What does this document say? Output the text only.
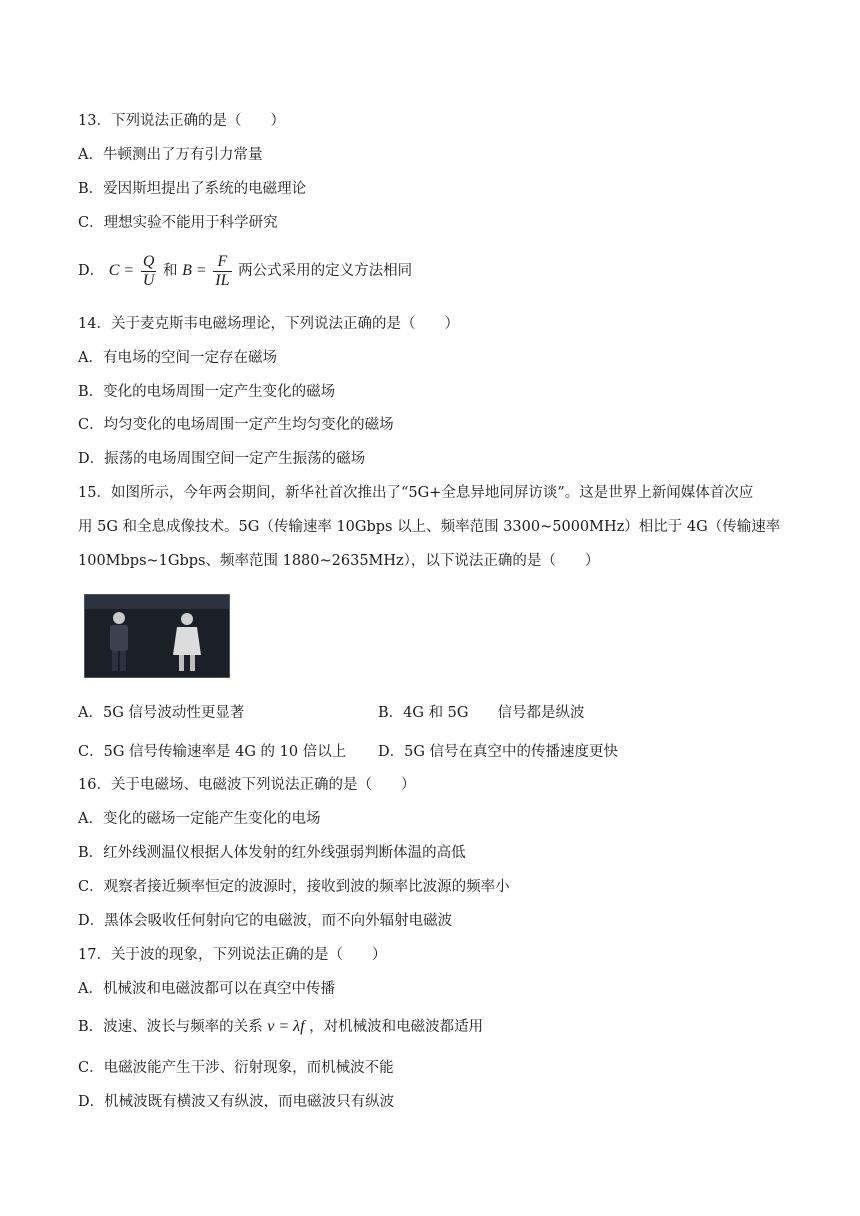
13．下列说法正确的是（　　）
A．牛顿测出了万有引力常量
B．爱因斯坦提出了系统的电磁理论
C．理想实验不能用于科学研究
D． $C = \frac{Q}{U}$ 和 $B = \frac{F}{IL}$ 两公式采用的定义方法相同
14．关于麦克斯韦电磁场理论，下列说法正确的是（　　）
A．有电场的空间一定存在磁场
B．变化的电场周围一定产生变化的磁场
C．均匀变化的电场周围一定产生均匀变化的磁场
D．振荡的电场周围空间一定产生振荡的磁场
15．如图所示，今年两会期间，新华社首次推出了“5G+全息异地同屏访谈”。这是世界上新闻媒体首次应
用 5G 和全息成像技术。5G（传输速率 10Gbps 以上、频率范围 3300~5000MHz）相比于 4G（传输速率
100Mbps~1Gbps、频率范围 1880~2635MHz），以下说法正确的是（　　）
A．5G 信号波动性更显著	B．4G 和 5G　　信号都是纵波
C．5G 信号传输速率是 4G 的 10 倍以上 D．5G 信号在真空中的传播速度更快
16．关于电磁场、电磁波下列说法正确的是（　　）
A．变化的磁场一定能产生变化的电场
B．红外线测温仪根据人体发射的红外线强弱判断体温的高低
C．观察者接近频率恒定的波源时，接收到波的频率比波源的频率小
D．黑体会吸收任何射向它的电磁波，而不向外辐射电磁波
17．关于波的现象，下列说法正确的是（　　）
A．机械波和电磁波都可以在真空中传播
B．波速、波长与频率的关系 v = λf ，对机械波和电磁波都适用
C．电磁波能产生干涉、衍射现象，而机械波不能
D．机械波既有横波又有纵波，而电磁波只有纵波
